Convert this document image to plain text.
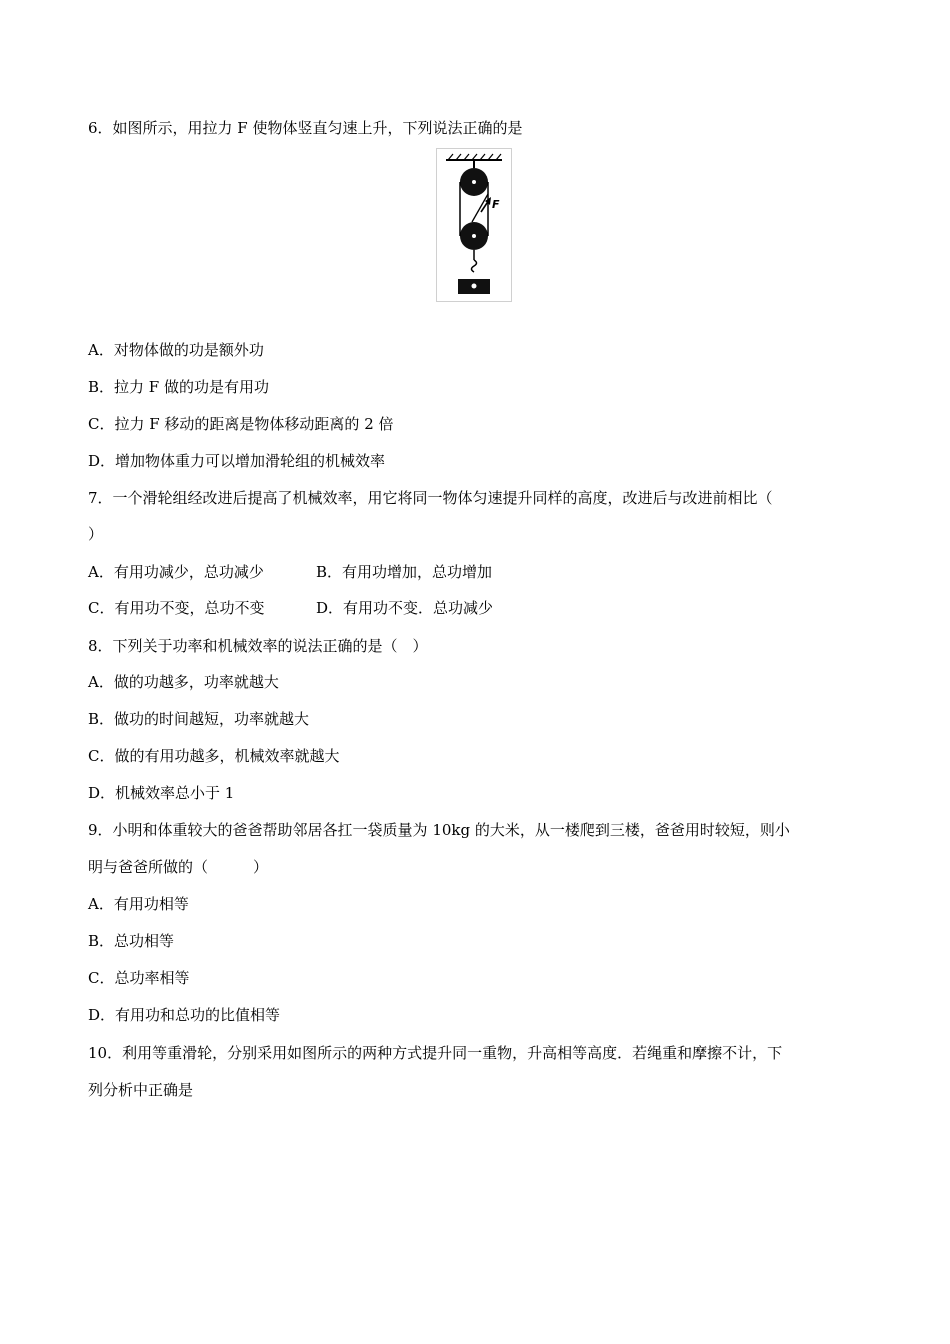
6．如图所示，用拉力 F 使物体竖直匀速上升，下列说法正确的是
F
A．对物体做的功是额外功
B．拉力 F 做的功是有用功
C．拉力 F 移动的距离是物体移动距离的 2 倍
D．增加物体重力可以增加滑轮组的机械效率
7．一个滑轮组经改进后提高了机械效率，用它将同一物体匀速提升同样的高度，改进后与改进前相比（
）
A．有用功减少，总功减少	B．有用功增加，总功增加
C．有用功不变，总功不变	D．有用功不变．总功减少
8．下列关于功率和机械效率的说法正确的是（　）
A．做的功越多，功率就越大
B．做功的时间越短，功率就越大
C．做的有用功越多，机械效率就越大
D．机械效率总小于 1
9．小明和体重较大的爸爸帮助邻居各扛一袋质量为 10kg 的大米，从一楼爬到三楼，爸爸用时较短，则小
明与爸爸所做的（　　　）
A．有用功相等
B．总功相等
C．总功率相等
D．有用功和总功的比值相等
10．利用等重滑轮，分别采用如图所示的两种方式提升同一重物，升高相等高度．若绳重和摩擦不计，下
列分析中正确是
